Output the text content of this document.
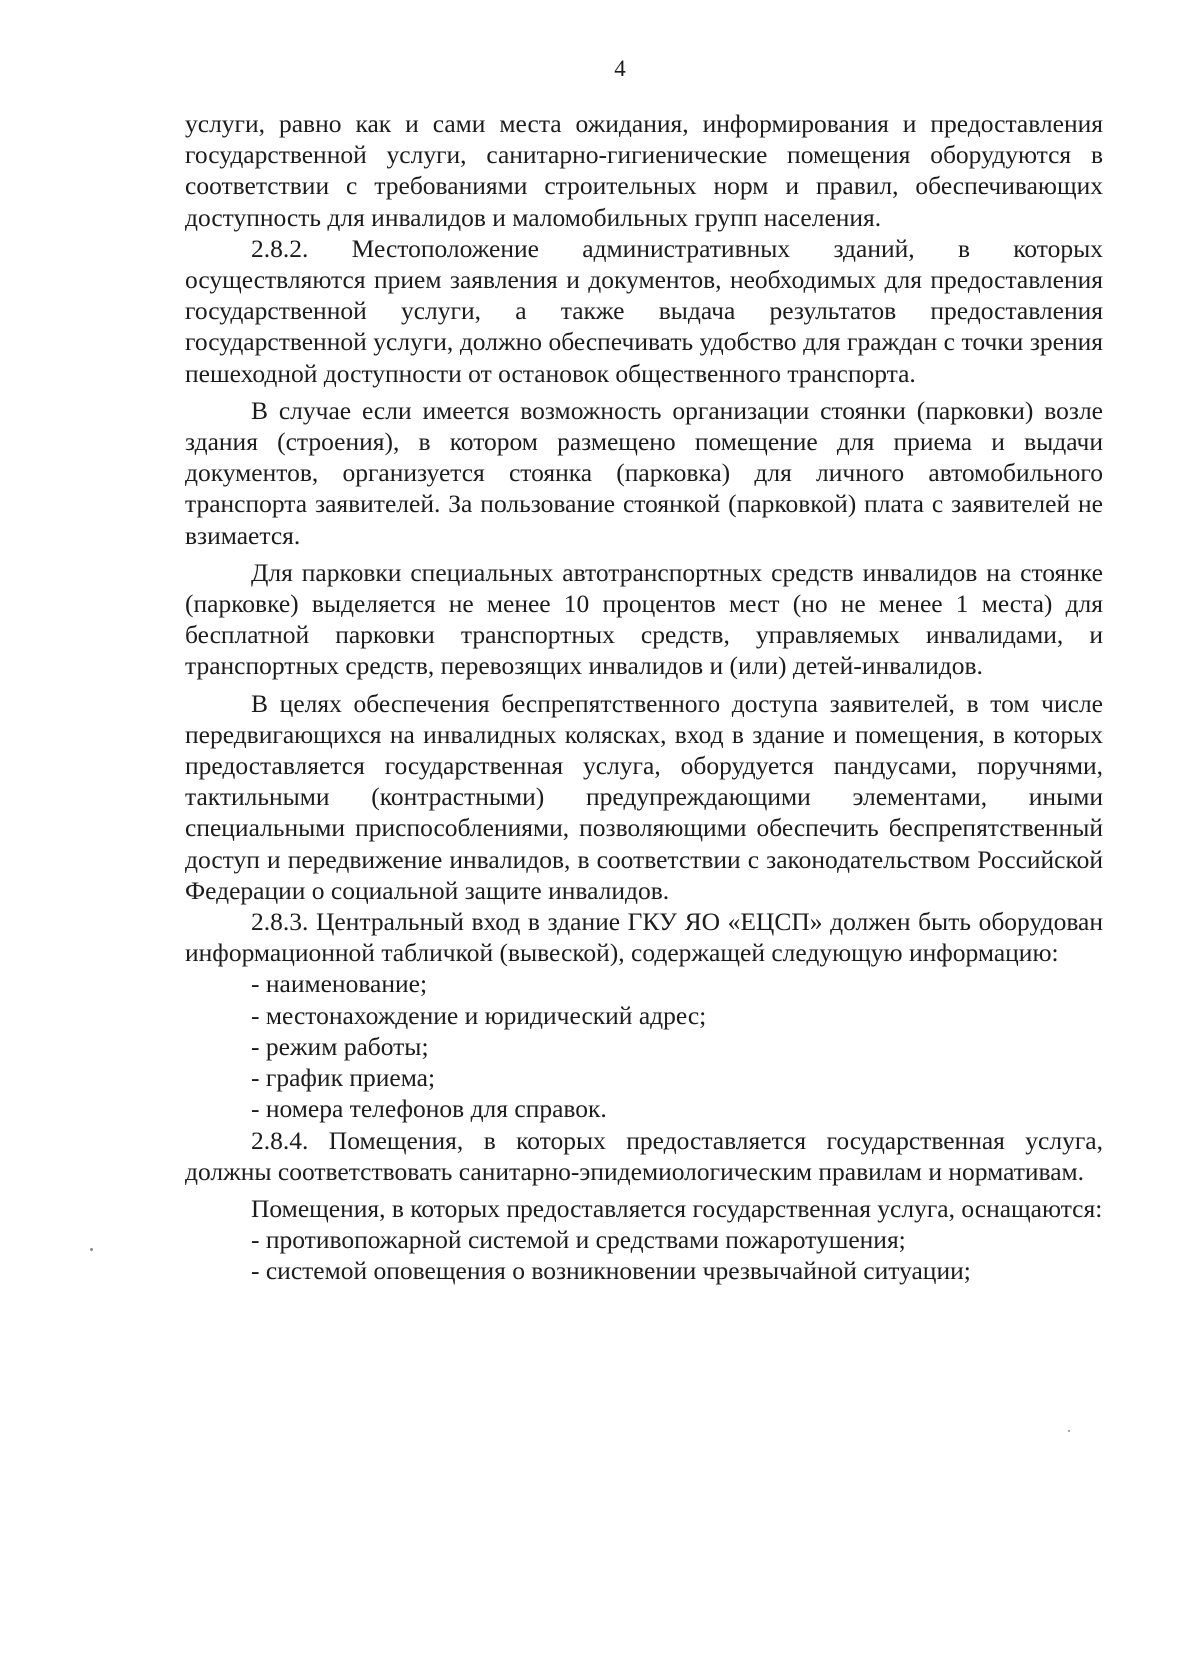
4

услуги, равно как и сами места ожидания, информирования и предоставления государственной услуги, санитарно-гигиенические помещения оборудуются в соответствии с требованиями строительных норм и правил, обеспечивающих доступность для инвалидов и маломобильных групп населения.

2.8.2. Местоположение административных зданий, в которых осуществляются прием заявления и документов, необходимых для предоставления государственной услуги, а также выдача результатов предоставления государственной услуги, должно обеспечивать удобство для граждан с точки зрения пешеходной доступности от остановок общественного транспорта.

В случае если имеется возможность организации стоянки (парковки) возле здания (строения), в котором размещено помещение для приема и выдачи документов, организуется стоянка (парковка) для личного автомобильного транспорта заявителей. За пользование стоянкой (парковкой) плата с заявителей не взимается.

Для парковки специальных автотранспортных средств инвалидов на стоянке (парковке) выделяется не менее 10 процентов мест (но не менее 1 места) для бесплатной парковки транспортных средств, управляемых инвалидами, и транспортных средств, перевозящих инвалидов и (или) детей-инвалидов.

В целях обеспечения беспрепятственного доступа заявителей, в том числе передвигающихся на инвалидных колясках, вход в здание и помещения, в которых предоставляется государственная услуга, оборудуется пандусами, поручнями, тактильными (контрастными) предупреждающими элементами, иными специальными приспособлениями, позволяющими обеспечить беспрепятственный доступ и передвижение инвалидов, в соответствии с законодательством Российской Федерации о социальной защите инвалидов.

2.8.3. Центральный вход в здание ГКУ ЯО «ЕЦСП» должен быть оборудован информационной табличкой (вывеской), содержащей следующую информацию:

- наименование;

- местонахождение и юридический адрес;

- режим работы;

- график приема;

- номера телефонов для справок.

2.8.4. Помещения, в которых предоставляется государственная услуга, должны соответствовать санитарно-эпидемиологическим правилам и нормативам.

Помещения, в которых предоставляется государственная услуга, оснащаются:

- противопожарной системой и средствами пожаротушения;

- системой оповещения о возникновении чрезвычайной ситуации;
